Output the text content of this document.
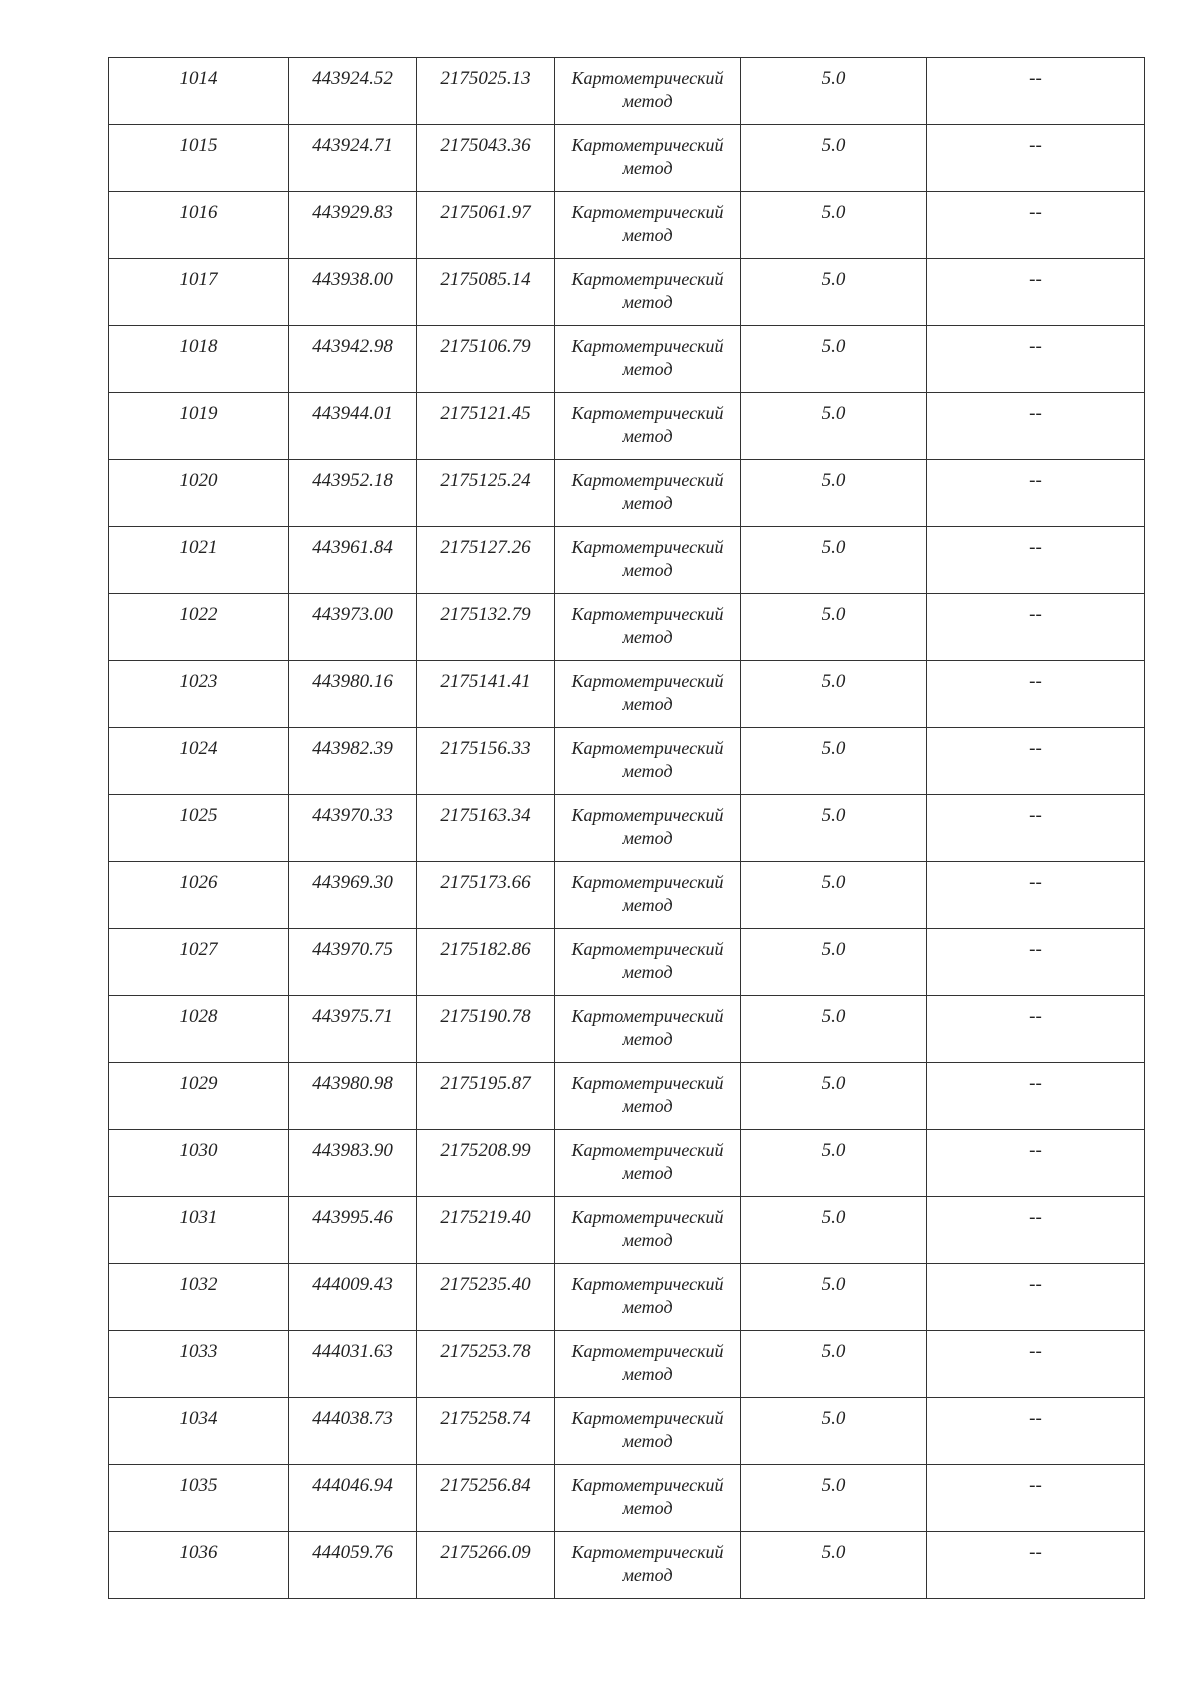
1014	443924.52	2175025.13	Картометрический
метод	5.0	--

1015	443924.71	2175043.36	Картометрический
метод	5.0	--

1016	443929.83	2175061.97	Картометрический
метод	5.0	--

1017	443938.00	2175085.14	Картометрический
метод	5.0	--

1018	443942.98	2175106.79	Картометрический
метод	5.0	--

1019	443944.01	2175121.45	Картометрический
метод	5.0	--

1020	443952.18	2175125.24	Картометрический
метод	5.0	--

1021	443961.84	2175127.26	Картометрический
метод	5.0	--

1022	443973.00	2175132.79	Картометрический
метод	5.0	--

1023	443980.16	2175141.41	Картометрический
метод	5.0	--

1024	443982.39	2175156.33	Картометрический
метод	5.0	--

1025	443970.33	2175163.34	Картометрический
метод	5.0	--

1026	443969.30	2175173.66	Картометрический
метод	5.0	--

1027	443970.75	2175182.86	Картометрический
метод	5.0	--

1028	443975.71	2175190.78	Картометрический
метод	5.0	--

1029	443980.98	2175195.87	Картометрический
метод	5.0	--

1030	443983.90	2175208.99	Картометрический
метод	5.0	--

1031	443995.46	2175219.40	Картометрический
метод	5.0	--

1032	444009.43	2175235.40	Картометрический
метод	5.0	--

1033	444031.63	2175253.78	Картометрический
метод	5.0	--

1034	444038.73	2175258.74	Картометрический
метод	5.0	--

1035	444046.94	2175256.84	Картометрический
метод	5.0	--

1036	444059.76	2175266.09	Картометрический
метод	5.0	--
